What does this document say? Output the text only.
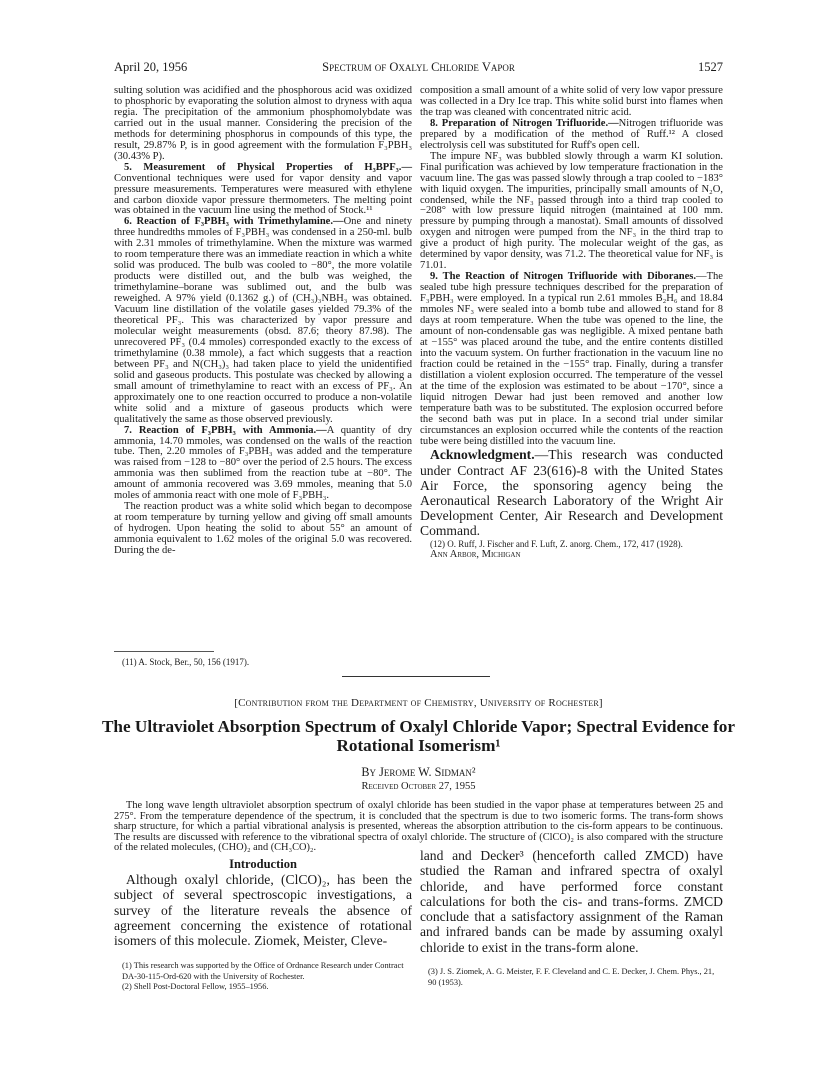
April 20, 1956	Spectrum of Oxalyl Chloride Vapor	1527

sulting solution was acidified and the phosphorous acid was oxidized to phosphoric by evaporating the solution almost to dryness with aqua regia. The precipitation of the ammonium phosphomolybdate was carried out in the usual manner. Considering the precision of the methods for determining phosphorus in compounds of this type, the result, 29.87% P, is in good agreement with the formulation F₃PBH₃ (30.43% P).

5. Measurement of Physical Properties of H₃BPF₃.—Conventional techniques were used for vapor density and vapor pressure measurements. Temperatures were measured with ethylene and carbon dioxide vapor pressure thermometers. The melting point was obtained in the vacuum line using the method of Stock.¹¹

6. Reaction of F₃PBH₃ with Trimethylamine.—One and ninety three hundredths mmoles of F₃PBH₃ was condensed in a 250-ml. bulb with 2.31 mmoles of trimethylamine. When the mixture was warmed to room temperature there was an immediate reaction in which a white solid was produced. The bulb was cooled to −80°, the more volatile products were distilled out, and the bulb was weighed, the trimethylamine–borane was sublimed out, and the bulb was reweighed. A 97% yield (0.1362 g.) of (CH₃)₃NBH₃ was obtained. Vacuum line distillation of the volatile gases yielded 79.3% of the theoretical PF₃. This was characterized by vapor pressure and molecular weight measurements (obsd. 87.6; theory 87.98). The unrecovered PF₃ (0.4 mmoles) corresponded exactly to the excess of trimethylamine (0.38 mmole), a fact which suggests that a reaction between PF₃ and N(CH₃)₃ had taken place to yield the unidentified solid and gaseous products. This postulate was checked by allowing a small amount of trimethylamine to react with an excess of PF₃. An approximately one to one reaction occurred to produce a non-volatile white solid and a mixture of gaseous products which were qualitatively the same as those observed previously.

7. Reaction of F₃PBH₃ with Ammonia.—A quantity of dry ammonia, 14.70 mmoles, was condensed on the walls of the reaction tube. Then, 2.20 mmoles of F₃PBH₃ was added and the temperature was raised from −128 to −80° over the period of 2.5 hours. The excess ammonia was then sublimed from the reaction tube at −80°. The amount of ammonia recovered was 3.69 mmoles, meaning that 5.0 moles of ammonia react with one mole of F₃PBH₃.

The reaction product was a white solid which began to decompose at room temperature by turning yellow and giving off small amounts of hydrogen. Upon heating the solid to about 55° an amount of ammonia equivalent to 1.62 moles of the original 5.0 was recovered. During the de-

(11) A. Stock, Ber., 50, 156 (1917).

composition a small amount of a white solid of very low vapor pressure was collected in a Dry Ice trap. This white solid burst into flames when the trap was cleaned with concentrated nitric acid.

8. Preparation of Nitrogen Trifluoride.—Nitrogen trifluoride was prepared by a modification of the method of Ruff.¹² A closed electrolysis cell was substituted for Ruff's open cell.

The impure NF₃ was bubbled slowly through a warm KI solution. Final purification was achieved by low temperature fractionation in the vacuum line. The gas was passed slowly through a trap cooled to −183° with liquid oxygen. The impurities, principally small amounts of N₂O, condensed, while the NF₃ passed through into a third trap cooled to −208° with low pressure liquid nitrogen (maintained at 100 mm. pressure by pumping through a manostat). Small amounts of dissolved oxygen and nitrogen were pumped from the NF₃ in the third trap to give a product of high purity. The molecular weight of the gas, as determined by vapor density, was 71.2. The theoretical value for NF₃ is 71.01.

9. The Reaction of Nitrogen Trifluoride with Diboranes.—The sealed tube high pressure techniques described for the preparation of F₃PBH₃ were employed. In a typical run 2.61 mmoles B₂H₆ and 18.84 mmoles NF₃ were sealed into a bomb tube and allowed to stand for 8 days at room temperature. When the tube was opened to the line, the amount of non-condensable gas was negligible. A mixed pentane bath at −155° was placed around the tube, and the entire contents distilled into the vacuum system. On further fractionation in the vacuum line no fraction could be retained in the −155° trap. Finally, during a transfer distillation a violent explosion occurred. The temperature of the vessel at the time of the explosion was estimated to be about −170°, since a liquid nitrogen Dewar had just been removed and another low temperature bath was to be substituted. The explosion occurred before the second bath was put in place. In a second trial under similar circumstances an explosion occurred while the contents of the reaction tube were being distilled into the vacuum line.

Acknowledgment.—This research was conducted under Contract AF 23(616)-8 with the United States Air Force, the sponsoring agency being the Aeronautical Research Laboratory of the Wright Air Development Center, Air Research and Development Command.

(12) O. Ruff, J. Fischer and F. Luft, Z. anorg. Chem., 172, 417 (1928).

Ann Arbor, Michigan

[Contribution from the Department of Chemistry, University of Rochester]
The Ultraviolet Absorption Spectrum of Oxalyl Chloride Vapor; Spectral Evidence for Rotational Isomerism¹
By Jerome W. Sidman²
Received October 27, 1955
The long wave length ultraviolet absorption spectrum of oxalyl chloride has been studied in the vapor phase at temperatures between 25 and 275°. From the temperature dependence of the spectrum, it is concluded that the spectrum is due to two isomeric forms. The trans-form shows sharp structure, for which a partial vibrational analysis is presented, whereas the absorption attribution to the cis-form appears to be continuous. The results are discussed with reference to the vibrational spectra of oxalyl chloride. The structure of (ClCO)₂ is also compared with the structure of the related molecules, (CHO)₂ and (CH₃CO)₂.
Introduction
Although oxalyl chloride, (ClCO)₂, has been the subject of several spectroscopic investigations, a survey of the literature reveals the absence of agreement concerning the existence of rotational isomers of this molecule. Ziomek, Meister, Cleve-
land and Decker³ (henceforth called ZMCD) have studied the Raman and infrared spectra of oxalyl chloride, and have performed force constant calculations for both the cis- and trans-forms. ZMCD conclude that a satisfactory assignment of the Raman and infrared bands can be made by assuming oxalyl chloride to exist in the trans-form alone.

(1) This research was supported by the Office of Ordnance Research under Contract DA-30-115-Ord-620 with the University of Rochester.

(2) Shell Post-Doctoral Fellow, 1955–1956.

(3) J. S. Ziomek, A. G. Meister, F. F. Cleveland and C. E. Decker, J. Chem. Phys., 21, 90 (1953).
